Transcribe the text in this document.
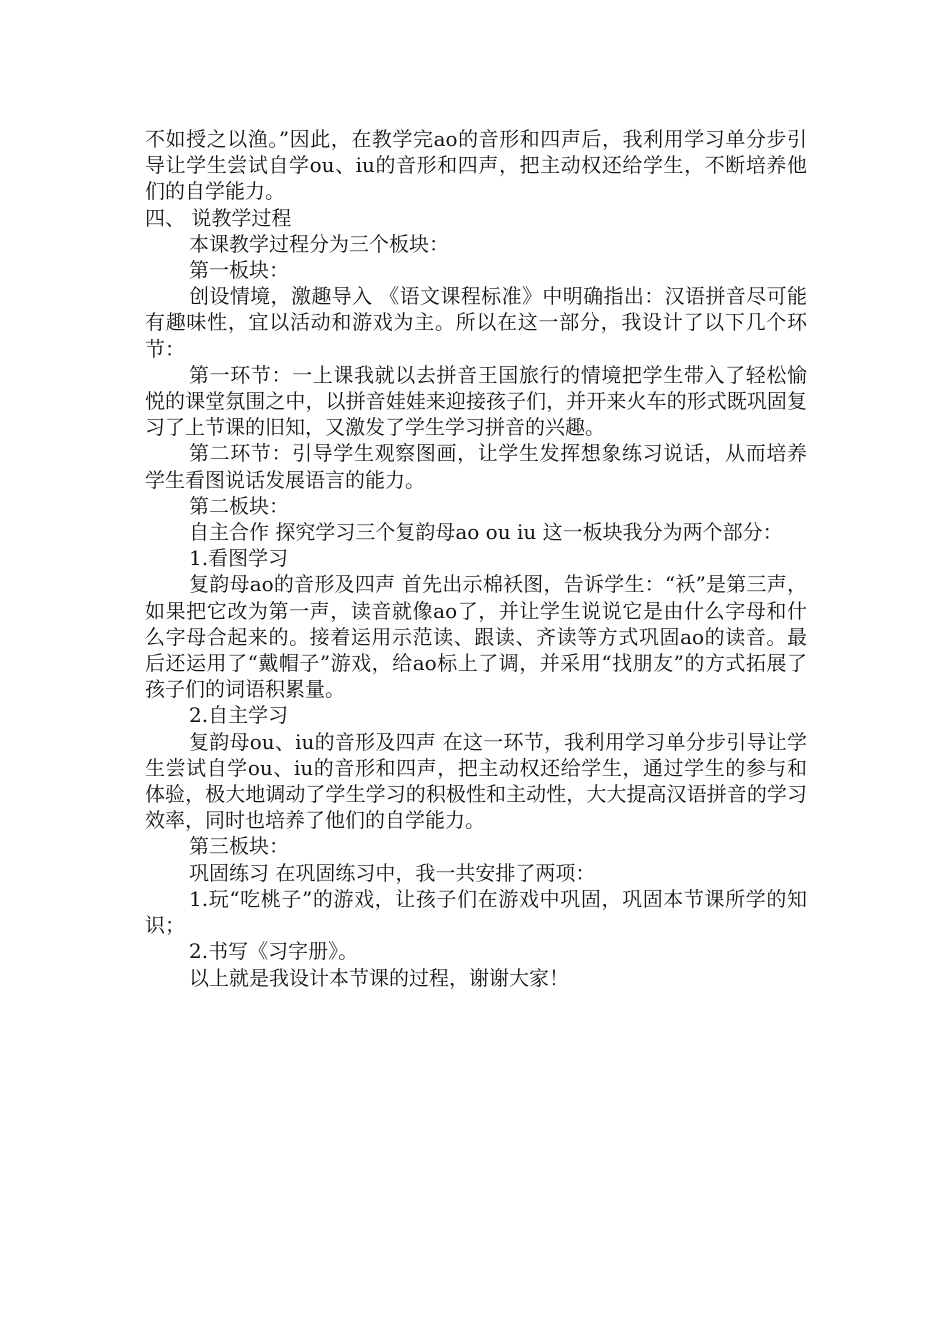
不如授之以渔。”因此，在教学完ao的音形和四声后，我利用学习单分步引导让学生尝试自学ou、iu的音形和四声，把主动权还给学生，不断培养他们的自学能力。

四、 说教学过程

本课教学过程分为三个板块：

第一板块：

创设情境，激趣导入 《语文课程标准》中明确指出：汉语拼音尽可能有趣味性，宜以活动和游戏为主。所以在这一部分，我设计了以下几个环节：

第一环节：一上课我就以去拼音王国旅行的情境把学生带入了轻松愉悦的课堂氛围之中，以拼音娃娃来迎接孩子们，并开来火车的形式既巩固复习了上节课的旧知，又激发了学生学习拼音的兴趣。

第二环节：引导学生观察图画，让学生发挥想象练习说话，从而培养学生看图说话发展语言的能力。

第二板块：

自主合作 探究学习三个复韵母ao ou iu 这一板块我分为两个部分：

1.看图学习

复韵母ao的音形及四声 首先出示棉袄图，告诉学生：“袄”是第三声，如果把它改为第一声，读音就像ao了，并让学生说说它是由什么字母和什么字母合起来的。接着运用示范读、跟读、齐读等方式巩固ao的读音。最后还运用了“戴帽子”游戏，给ao标上了调，并采用“找朋友”的方式拓展了孩子们的词语积累量。

2.自主学习

复韵母ou、iu的音形及四声 在这一环节，我利用学习单分步引导让学生尝试自学ou、iu的音形和四声，把主动权还给学生，通过学生的参与和体验，极大地调动了学生学习的积极性和主动性，大大提高汉语拼音的学习效率，同时也培养了他们的自学能力。

第三板块：

巩固练习 在巩固练习中，我一共安排了两项：

1.玩“吃桃子”的游戏，让孩子们在游戏中巩固，巩固本节课所学的知识；

2.书写《习字册》。

以上就是我设计本节课的过程，谢谢大家！
